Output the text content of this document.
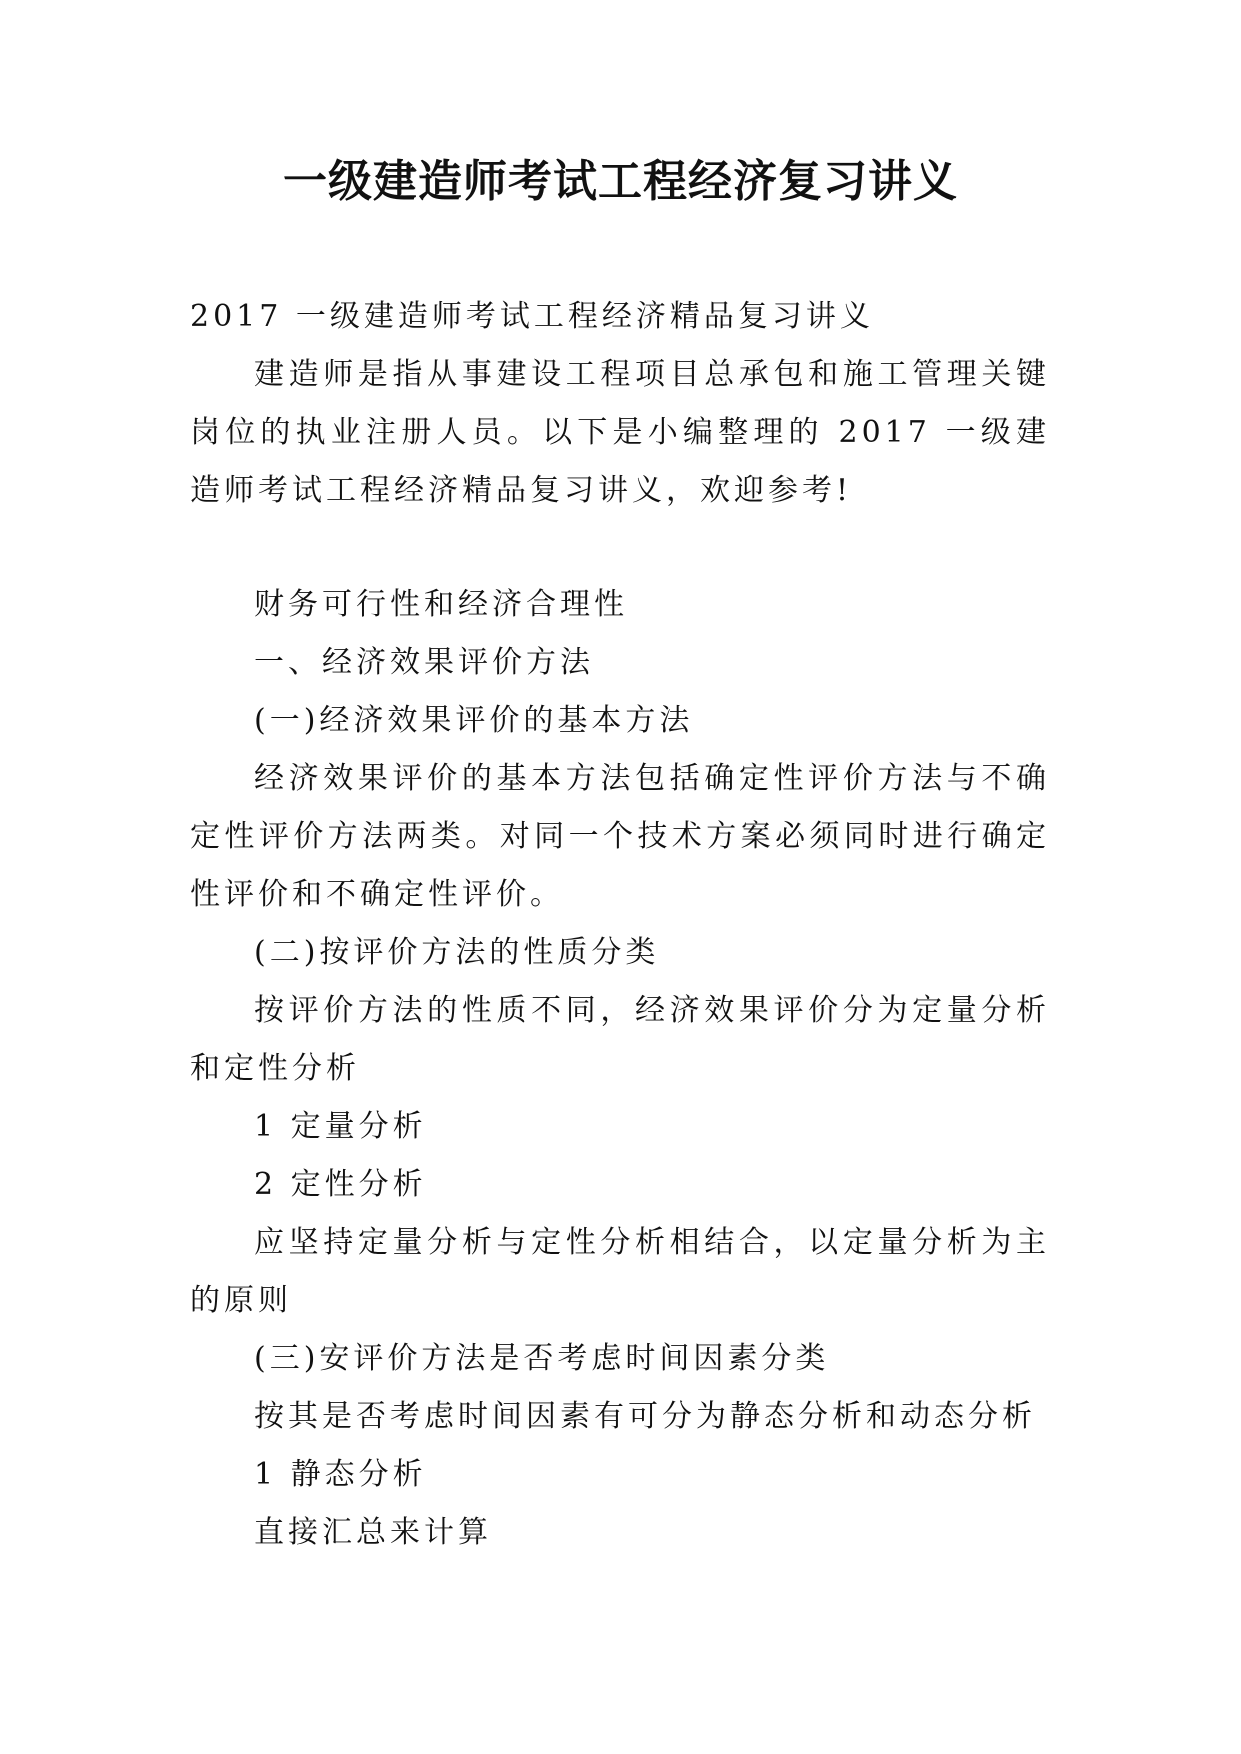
一级建造师考试工程经济复习讲义

2017 一级建造师考试工程经济精品复习讲义

建造师是指从事建设工程项目总承包和施工管理关键岗位的执业注册人员。以下是小编整理的 2017 一级建造师考试工程经济精品复习讲义，欢迎参考!

财务可行性和经济合理性

一、经济效果评价方法

(一)经济效果评价的基本方法

经济效果评价的基本方法包括确定性评价方法与不确定性评价方法两类。对同一个技术方案必须同时进行确定性评价和不确定性评价。

(二)按评价方法的性质分类

按评价方法的性质不同，经济效果评价分为定量分析和定性分析

1 定量分析

2 定性分析

应坚持定量分析与定性分析相结合，以定量分析为主的原则

(三)安评价方法是否考虑时间因素分类

按其是否考虑时间因素有可分为静态分析和动态分析

1 静态分析

直接汇总来计算
